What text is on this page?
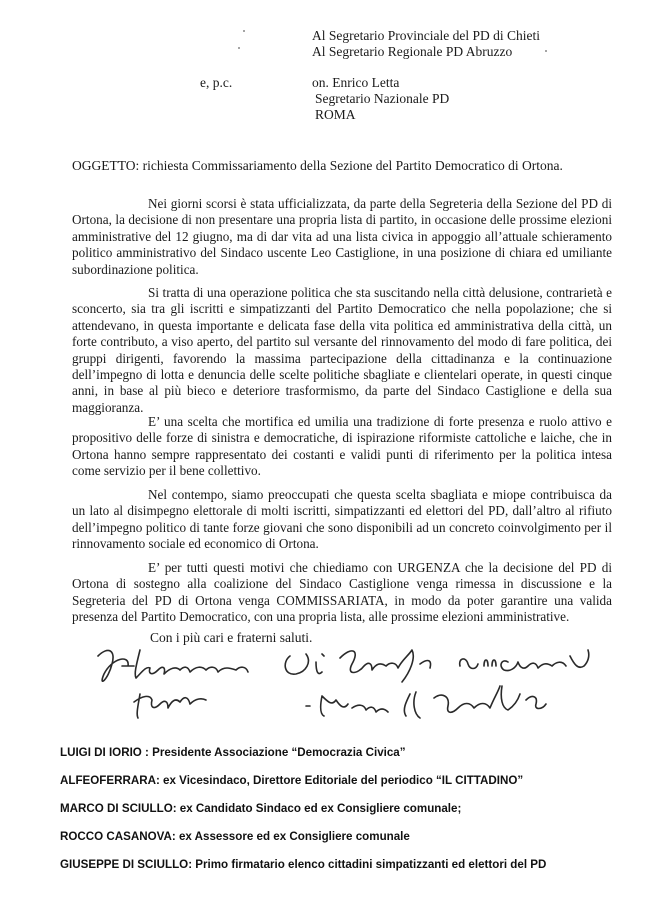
Al Segretario Provinciale del PD di Chieti
Al Segretario Regionale PD Abruzzo
e, p.c.	on. Enrico Letta
Segretario Nazionale PD
ROMA
OGGETTO: richiesta Commissariamento della Sezione del Partito Democratico di Ortona.
Nei giorni scorsi è stata ufficializzata, da parte della Segreteria della Sezione del PD di Ortona, la decisione di non presentare una propria lista di partito, in occasione delle prossime elezioni amministrative del 12 giugno, ma di dar vita ad una lista civica in appoggio all’attuale schieramento politico amministrativo del Sindaco uscente Leo Castiglione, in una posizione di chiara ed umiliante subordinazione politica.
Si tratta di una operazione politica che sta suscitando nella città delusione, contrarietà e sconcerto, sia tra gli iscritti e simpatizzanti del Partito Democratico che nella popolazione; che si attendevano, in questa importante e delicata fase della vita politica ed amministrativa della città, un forte contributo, a viso aperto, del partito sul versante del rinnovamento del modo di fare politica, dei gruppi dirigenti, favorendo la massima partecipazione della cittadinanza e la continuazione dell’impegno di lotta e denuncia delle scelte politiche sbagliate e clientelari operate, in questi cinque anni, in base al più bieco e deteriore trasformismo, da parte del Sindaco Castiglione e della sua maggioranza.
E’ una scelta che mortifica ed umilia una tradizione di forte presenza e ruolo attivo e propositivo delle forze di sinistra e democratiche, di ispirazione riformiste cattoliche e laiche, che in Ortona hanno sempre rappresentato dei costanti e validi punti di riferimento per la politica intesa come servizio per il bene collettivo.
Nel contempo, siamo preoccupati che questa scelta sbagliata e miope contribuisca da un lato al disimpegno elettorale di molti iscritti, simpatizzanti ed elettori del PD, dall’altro al rifiuto dell’impegno politico di tante forze giovani che sono disponibili ad un concreto coinvolgimento per il rinnovamento sociale ed economico di Ortona.
E’ per tutti questi motivi che chiediamo con URGENZA che la decisione del PD di Ortona di sostegno alla coalizione del Sindaco Castiglione venga rimessa in discussione e la Segreteria del PD di Ortona venga COMMISSARIATA, in modo da poter garantire una valida presenza del Partito Democratico, con una propria lista, alle prossime elezioni amministrative.
Con i più cari e fraterni saluti.
LUIGI DI IORIO : Presidente Associazione “Democrazia Civica”
ALFEOFERRARA: ex Vicesindaco, Direttore Editoriale del periodico “IL CITTADINO”
MARCO DI SCIULLO: ex Candidato Sindaco ed ex Consigliere comunale;
ROCCO CASANOVA: ex Assessore ed ex Consigliere comunale
GIUSEPPE DI SCIULLO: Primo firmatario elenco cittadini simpatizzanti ed elettori del PD
